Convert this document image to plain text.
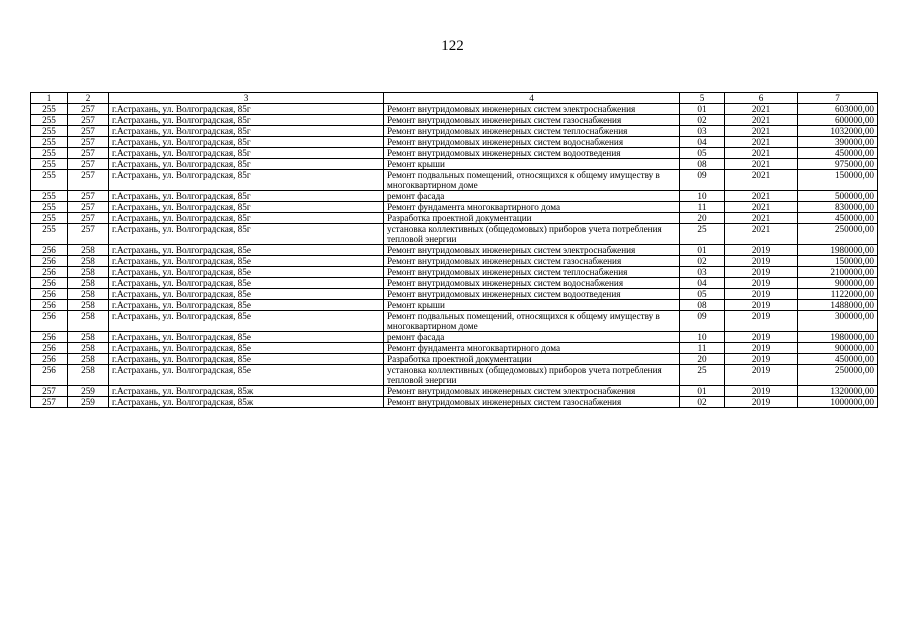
122
1	2	3	4	5	6	7
255	257	г.Астрахань, ул. Волгоградская, 85г	Ремонт внутридомовых инженерных систем электроснабжения	01	2021	603000,00
255	257	г.Астрахань, ул. Волгоградская, 85г	Ремонт внутридомовых инженерных систем газоснабжения	02	2021	600000,00
255	257	г.Астрахань, ул. Волгоградская, 85г	Ремонт внутридомовых инженерных систем теплоснабжения	03	2021	1032000,00
255	257	г.Астрахань, ул. Волгоградская, 85г	Ремонт внутридомовых инженерных систем водоснабжения	04	2021	390000,00
255	257	г.Астрахань, ул. Волгоградская, 85г	Ремонт внутридомовых инженерных систем водоотведения	05	2021	450000,00
255	257	г.Астрахань, ул. Волгоградская, 85г	Ремонт крыши	08	2021	975000,00
255	257	г.Астрахань, ул. Волгоградская, 85г	Ремонт подвальных помещений, относящихся к общему имуществу в многоквартирном доме	09	2021	150000,00
255	257	г.Астрахань, ул. Волгоградская, 85г	ремонт фасада	10	2021	500000,00
255	257	г.Астрахань, ул. Волгоградская, 85г	Ремонт фундамента многоквартирного дома	11	2021	830000,00
255	257	г.Астрахань, ул. Волгоградская, 85г	Разработка проектной документации	20	2021	450000,00
255	257	г.Астрахань, ул. Волгоградская, 85г	установка коллективных (общедомовых) приборов учета потребления тепловой энергии	25	2021	250000,00
256	258	г.Астрахань, ул. Волгоградская, 85е	Ремонт внутридомовых инженерных систем электроснабжения	01	2019	1980000,00
256	258	г.Астрахань, ул. Волгоградская, 85е	Ремонт внутридомовых инженерных систем газоснабжения	02	2019	150000,00
256	258	г.Астрахань, ул. Волгоградская, 85е	Ремонт внутридомовых инженерных систем теплоснабжения	03	2019	2100000,00
256	258	г.Астрахань, ул. Волгоградская, 85е	Ремонт внутридомовых инженерных систем водоснабжения	04	2019	900000,00
256	258	г.Астрахань, ул. Волгоградская, 85е	Ремонт внутридомовых инженерных систем водоотведения	05	2019	1122000,00
256	258	г.Астрахань, ул. Волгоградская, 85е	Ремонт крыши	08	2019	1488000,00
256	258	г.Астрахань, ул. Волгоградская, 85е	Ремонт подвальных помещений, относящихся к общему имуществу в многоквартирном доме	09	2019	300000,00
256	258	г.Астрахань, ул. Волгоградская, 85е	ремонт фасада	10	2019	1980000,00
256	258	г.Астрахань, ул. Волгоградская, 85е	Ремонт фундамента многоквартирного дома	11	2019	900000,00
256	258	г.Астрахань, ул. Волгоградская, 85е	Разработка проектной документации	20	2019	450000,00
256	258	г.Астрахань, ул. Волгоградская, 85е	установка коллективных (общедомовых) приборов учета потребления тепловой энергии	25	2019	250000,00
257	259	г.Астрахань, ул. Волгоградская, 85ж	Ремонт внутридомовых инженерных систем электроснабжения	01	2019	1320000,00
257	259	г.Астрахань, ул. Волгоградская, 85ж	Ремонт внутридомовых инженерных систем газоснабжения	02	2019	1000000,00
